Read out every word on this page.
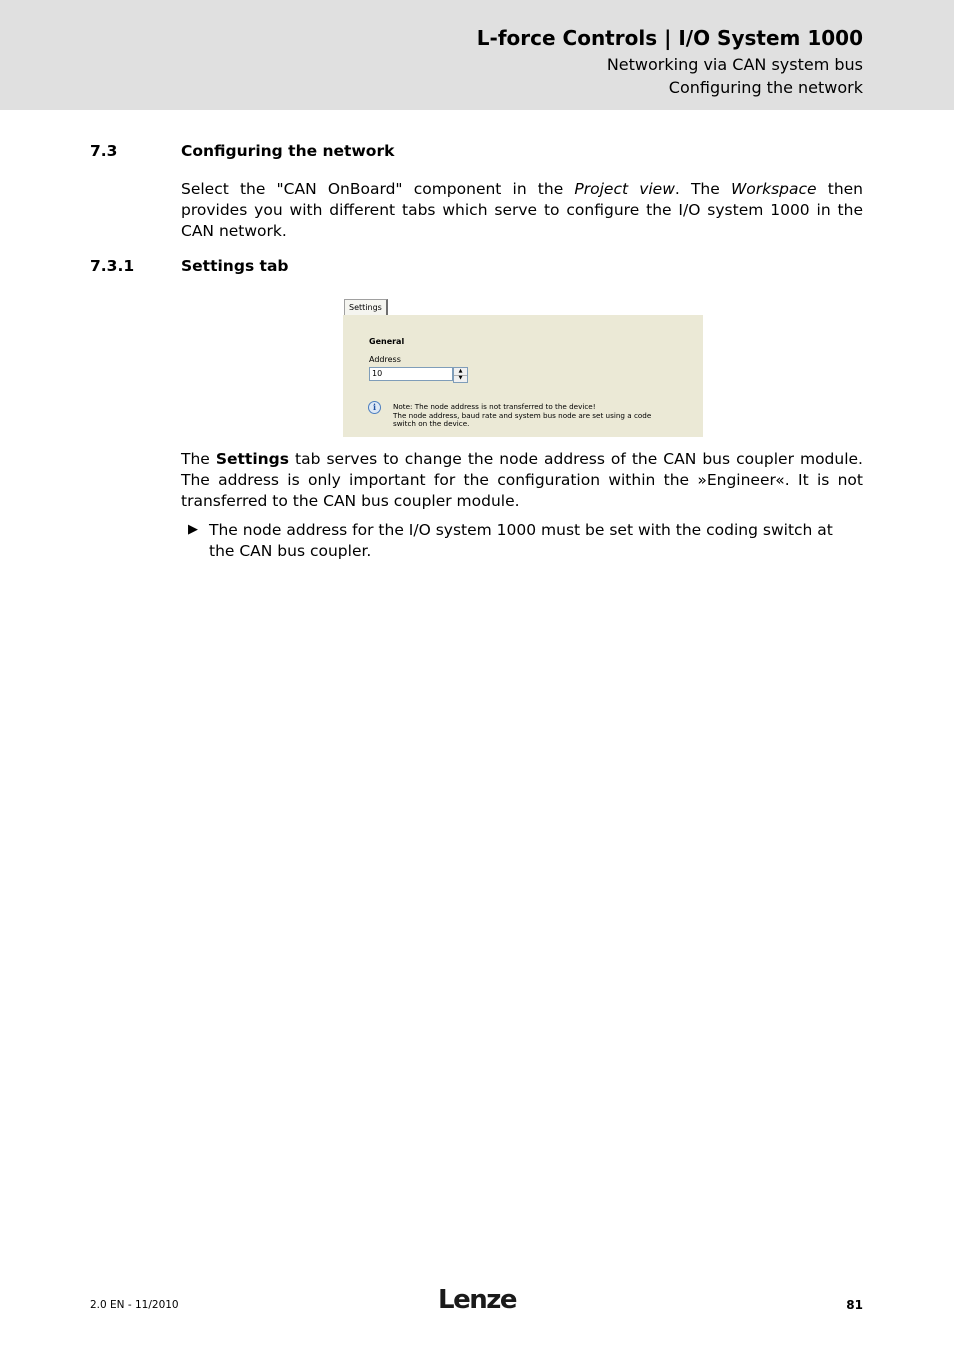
L-force Controls | I/O System 1000
Networking via CAN system bus
Configuring the network
7.3	Configuring the network
Select the "CAN OnBoard" component in the Project view. The Workspace then provides you with different tabs which serve to configure the I/O system 1000 in the CAN network.
7.3.1	Settings tab
Settings
General
Address
10	▲
▼
i	Note: The node address is not transferred to the device!
The node address, baud rate and system bus node are set using a code
switch on the device.
The Settings tab serves to change the node address of the CAN bus coupler module. The address is only important for the configuration within the »Engineer«. It is not transferred to the CAN bus coupler module.
▶ The node address for the I/O system 1000 must be set with the coding switch at the CAN bus coupler.
2.0 EN - 11/2010	Lenze	81
